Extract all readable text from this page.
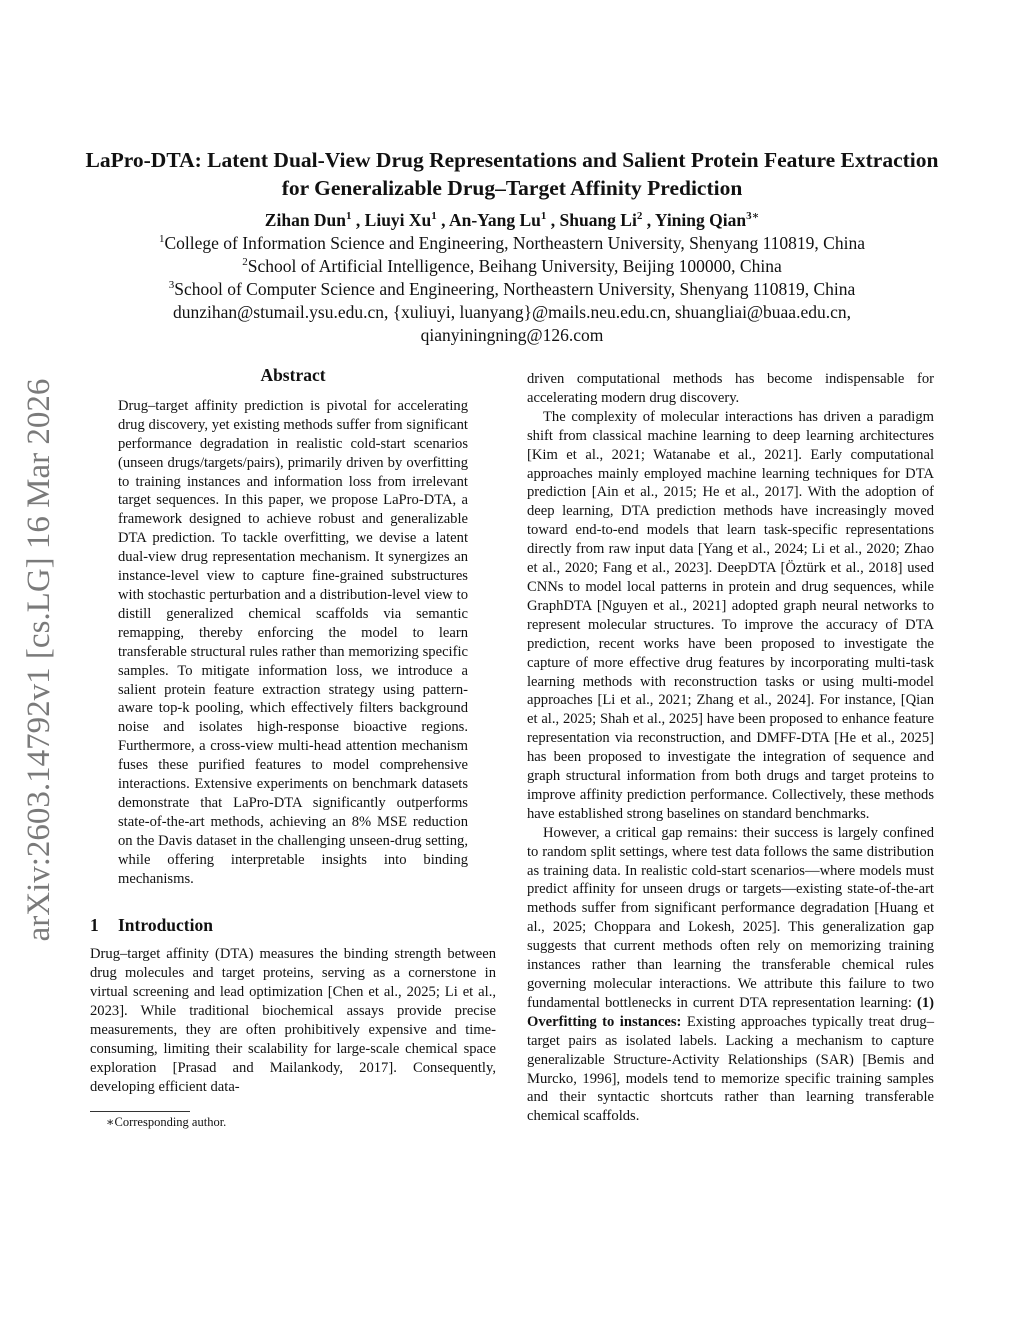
arXiv:2603.14792v1 [cs.LG] 16 Mar 2026

LaPro-DTA: Latent Dual-View Drug Representations and Salient Protein Feature Extraction for Generalizable Drug–Target Affinity Prediction

Zihan Dun$^1$ , Liuyi Xu$^1$ , An-Yang Lu$^1$ , Shuang Li$^2$ , Yining Qian$^{3∗}$
$^1$College of Information Science and Engineering, Northeastern University, Shenyang 110819, China
$^2$School of Artificial Intelligence, Beihang University, Beijing 100000, China
$^3$School of Computer Science and Engineering, Northeastern University, Shenyang 110819, China
dunzihan@stumail.ysu.edu.cn, {xuliuyi, luanyang}@mails.neu.edu.cn, shuangliai@buaa.edu.cn,
qianyiningning@126.com

Abstract

Drug–target affinity prediction is pivotal for accelerating drug discovery, yet existing methods suffer from significant performance degradation in realistic cold-start scenarios (unseen drugs/targets/pairs), primarily driven by overfitting to training instances and information loss from irrelevant target sequences. In this paper, we propose LaPro-DTA, a framework designed to achieve robust and generalizable DTA prediction. To tackle overfitting, we devise a latent dual-view drug representation mechanism. It synergizes an instance-level view to capture fine-grained substructures with stochastic perturbation and a distribution-level view to distill generalized chemical scaffolds via semantic remapping, thereby enforcing the model to learn transferable structural rules rather than memorizing specific samples. To mitigate information loss, we introduce a salient protein feature extraction strategy using pattern-aware top-k pooling, which effectively filters background noise and isolates high-response bioactive regions. Furthermore, a cross-view multi-head attention mechanism fuses these purified features to model comprehensive interactions. Extensive experiments on benchmark datasets demonstrate that LaPro-DTA significantly outperforms state-of-the-art methods, achieving an 8% MSE reduction on the Davis dataset in the challenging unseen-drug setting, while offering interpretable insights into binding mechanisms.

1 Introduction

Drug–target affinity (DTA) measures the binding strength between drug molecules and target proteins, serving as a cornerstone in virtual screening and lead optimization [Chen et al., 2025; Li et al., 2023]. While traditional biochemical assays provide precise measurements, they are often prohibitively expensive and time-consuming, limiting their scalability for large-scale chemical space exploration [Prasad and Mailankody, 2017]. Consequently, developing efficient data-

∗Corresponding author.

driven computational methods has become indispensable for accelerating modern drug discovery.

The complexity of molecular interactions has driven a paradigm shift from classical machine learning to deep learning architectures [Kim et al., 2021; Watanabe et al., 2021]. Early computational approaches mainly employed machine learning techniques for DTA prediction [Ain et al., 2015; He et al., 2017]. With the adoption of deep learning, DTA prediction methods have increasingly moved toward end-to-end models that learn task-specific representations directly from raw input data [Yang et al., 2024; Li et al., 2020; Zhao et al., 2020; Fang et al., 2023]. DeepDTA [Öztürk et al., 2018] used CNNs to model local patterns in protein and drug sequences, while GraphDTA [Nguyen et al., 2021] adopted graph neural networks to represent molecular structures. To improve the accuracy of DTA prediction, recent works have been proposed to investigate the capture of more effective drug features by incorporating multi-task learning methods with reconstruction tasks or using multi-model approaches [Li et al., 2021; Zhang et al., 2024]. For instance, [Qian et al., 2025; Shah et al., 2025] have been proposed to enhance feature representation via reconstruction, and DMFF-DTA [He et al., 2025] has been proposed to investigate the integration of sequence and graph structural information from both drugs and target proteins to improve affinity prediction performance. Collectively, these methods have established strong baselines on standard benchmarks.

However, a critical gap remains: their success is largely confined to random split settings, where test data follows the same distribution as training data. In realistic cold-start scenarios—where models must predict affinity for unseen drugs or targets—existing state-of-the-art methods suffer from significant performance degradation [Huang et al., 2025; Choppara and Lokesh, 2025]. This generalization gap suggests that current methods often rely on memorizing training instances rather than learning the transferable chemical rules governing molecular interactions. We attribute this failure to two fundamental bottlenecks in current DTA representation learning: (1) Overfitting to instances: Existing approaches typically treat drug–target pairs as isolated labels. Lacking a mechanism to capture generalizable Structure-Activity Relationships (SAR) [Bemis and Murcko, 1996], models tend to memorize specific training samples and their syntactic shortcuts rather than learning transferable chemical scaffolds.
